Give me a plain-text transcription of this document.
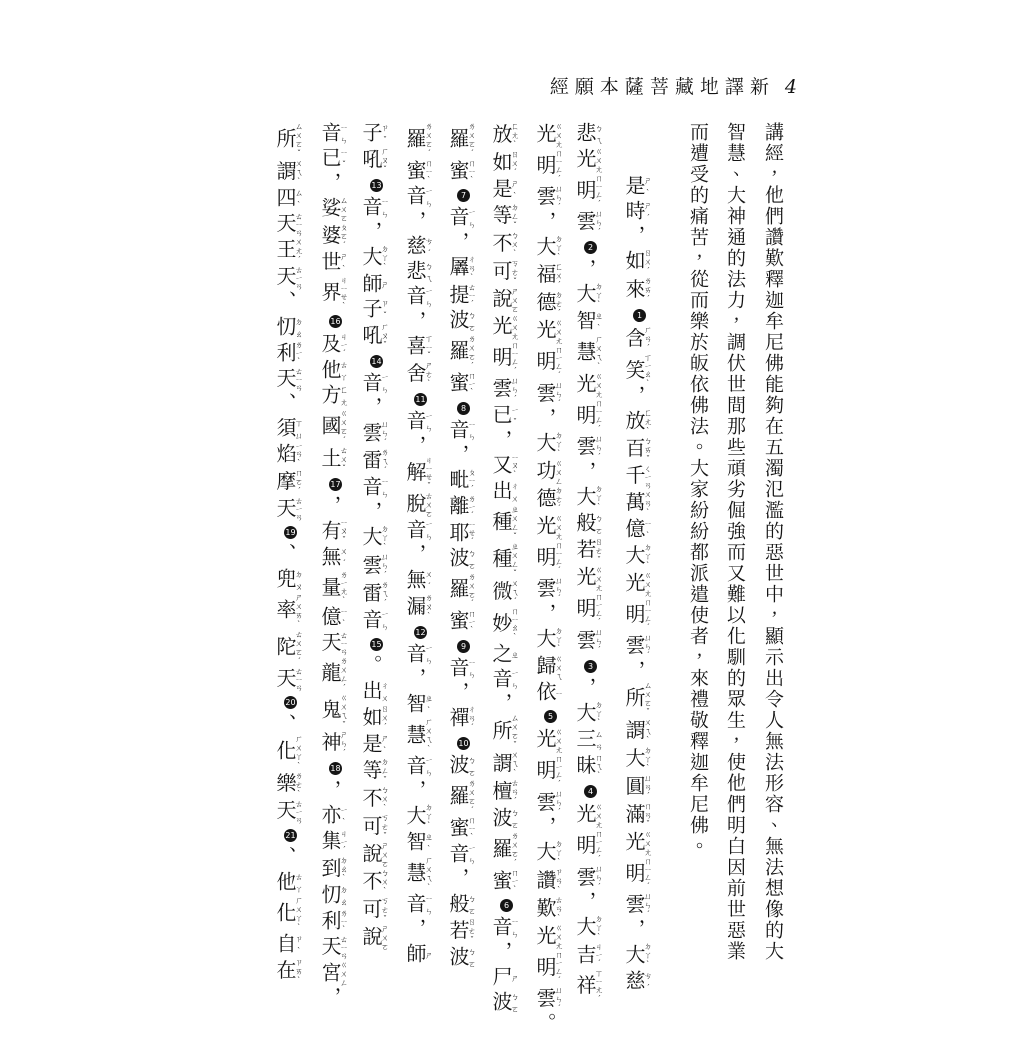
經願本薩菩藏地譯新 4
講經，他們讚歎釋迦牟尼佛能夠在五濁氾濫的惡世中，顯示出令人無法形容、無法想像的大
智慧、大神通的法力，調伏世間那些頑劣倔強而又難以化馴的眾生，使他們明白因前世惡業
而遭受的痛苦，從而樂於皈依佛法。大家紛紛都派遣使者，來禮敬釋迦牟尼佛。
是ㄕˋ時ㄕˊ，如ㄖㄨˊ來ㄌㄞˊ1含ㄏㄢˊ笑ㄒㄧㄠˋ，放ㄈㄤˋ百ㄅㄞˇ千ㄑㄧㄢ萬ㄨㄢˋ億ㄧˋ大ㄉㄚˋ光ㄍㄨㄤ明ㄇㄧㄥˊ雲ㄩㄣˊ，所ㄙㄨㄛˇ謂ㄨㄟˋ大ㄉㄚˋ圓ㄩㄢˊ滿ㄇㄢˇ光ㄍㄨㄤ明ㄇㄧㄥˊ雲ㄩㄣˊ，大ㄉㄚˋ慈ㄘˊ
悲ㄅㄟ光ㄍㄨㄤ明ㄇㄧㄥˊ雲ㄩㄣˊ2，大ㄉㄚˋ智ㄓˋ慧ㄏㄨㄟˋ光ㄍㄨㄤ明ㄇㄧㄥˊ雲ㄩㄣˊ，大ㄉㄚˋ般ㄅㄛ若ㄖㄜˇ光ㄍㄨㄤ明ㄇㄧㄥˊ雲ㄩㄣˊ3，大ㄉㄚˋ三ㄙㄢ昧ㄇㄟˋ4光ㄍㄨㄤ明ㄇㄧㄥˊ雲ㄩㄣˊ，大ㄉㄚˋ吉ㄐㄧˊ祥ㄒㄧㄤˊ
光ㄍㄨㄤ明ㄇㄧㄥˊ雲ㄩㄣˊ，大ㄉㄚˋ福ㄈㄨˊ德ㄉㄜˊ光ㄍㄨㄤ明ㄇㄧㄥˊ雲ㄩㄣˊ，大ㄉㄚˋ功ㄍㄨㄥ德ㄉㄜˊ光ㄍㄨㄤ明ㄇㄧㄥˊ雲ㄩㄣˊ，大ㄉㄚˋ歸ㄍㄨㄟ依ㄧ5光ㄍㄨㄤ明ㄇㄧㄥˊ雲ㄩㄣˊ，大ㄉㄚˋ讚ㄗㄢˋ歎ㄊㄢˋ光ㄍㄨㄤ明ㄇㄧㄥˊ雲ㄩㄣˊ。
放ㄈㄤˋ如ㄖㄨˊ是ㄕˋ等ㄉㄥˇ不ㄅㄨˋ可ㄎㄜˇ說ㄕㄨㄛ光ㄍㄨㄤ明ㄇㄧㄥˊ雲ㄩㄣˊ已ㄧˇ，又ㄧㄡˋ出ㄔㄨ種ㄓㄨㄥˇ種ㄓㄨㄥˇ微ㄨㄟˊ妙ㄇㄧㄠˋ之ㄓ音ㄧㄣ，所ㄙㄨㄛˇ謂ㄨㄟˋ檀ㄊㄢˊ波ㄅㄛ羅ㄌㄨㄛˊ蜜ㄇㄧˋ6音ㄧㄣ，尸ㄕ波ㄅㄛ
羅ㄌㄨㄛˊ蜜ㄇㄧˋ7音ㄧㄣ，羼ㄔㄢˋ提ㄊㄧˊ波ㄅㄛ羅ㄌㄨㄛˊ蜜ㄇㄧˋ8音ㄧㄣ，毗ㄆㄧˊ離ㄌㄧˊ耶ㄧㄝˊ波ㄅㄛ羅ㄌㄨㄛˊ蜜ㄇㄧˋ9音ㄧㄣ，禪ㄔㄢˊ10波ㄅㄛ羅ㄌㄨㄛˊ蜜ㄇㄧˋ音ㄧㄣ，般ㄅㄛ若ㄖㄜˇ波ㄅㄛ
羅ㄌㄨㄛˊ蜜ㄇㄧˋ音ㄧㄣ，慈ㄘˊ悲ㄅㄟ音ㄧㄣ，喜ㄒㄧˇ舍ㄕㄜˋ11音ㄧㄣ，解ㄐㄧㄝˇ脫ㄊㄨㄛ音ㄧㄣ，無ㄨˊ漏ㄌㄡˋ12音ㄧㄣ，智ㄓˋ慧ㄏㄨㄟˋ音ㄧㄣ，大ㄉㄚˋ智ㄓˋ慧ㄏㄨㄟˋ音ㄧㄣ，師ㄕ
子ㄗˇ吼ㄏㄡˇ13音ㄧㄣ，大ㄉㄚˋ師ㄕ子ㄗˇ吼ㄏㄡˇ14音ㄧㄣ，雲ㄩㄣˊ雷ㄌㄟˊ音ㄧㄣ，大ㄉㄚˋ雲ㄩㄣˊ雷ㄌㄟˊ音ㄧㄣ15。出ㄔㄨ如ㄖㄨˊ是ㄕˋ等ㄉㄥˇ不ㄅㄨˋ可ㄎㄜˇ說ㄕㄨㄛ不ㄅㄨˋ可ㄎㄜˇ說ㄕㄨㄛ
音ㄧㄣ已ㄧˇ，娑ㄙㄨㄛ婆ㄆㄛˊ世ㄕˋ界ㄐㄧㄝˋ16及ㄐㄧˊ他ㄊㄚ方ㄈㄤ國ㄍㄨㄛˊ土ㄊㄨˇ17，有ㄧㄡˇ無ㄨˊ量ㄌㄧㄤˋ億ㄧˋ天ㄊㄧㄢ龍ㄌㄨㄥˊ鬼ㄍㄨㄟˇ神ㄕㄣˊ18，亦ㄧˋ集ㄐㄧˊ到ㄉㄠˋ忉ㄉㄠ利ㄌㄧˋ天ㄊㄧㄢ宮ㄍㄨㄥ，
所ㄙㄨㄛˇ謂ㄨㄟˋ四ㄙˋ天ㄊㄧㄢ王ㄨㄤˊ天ㄊㄧㄢ、忉ㄉㄠ利ㄌㄧˋ天ㄊㄧㄢ、須ㄒㄩ焰ㄧㄢˋ摩ㄇㄛˊ天ㄊㄧㄢ19、兜ㄉㄡ率ㄕㄨㄞˋ陀ㄊㄨㄛˊ天ㄊㄧㄢ20、化ㄏㄨㄚˋ樂ㄌㄜˋ天ㄊㄧㄢ21、他ㄊㄚ化ㄏㄨㄚˋ自ㄗˋ在ㄗㄞˋ
